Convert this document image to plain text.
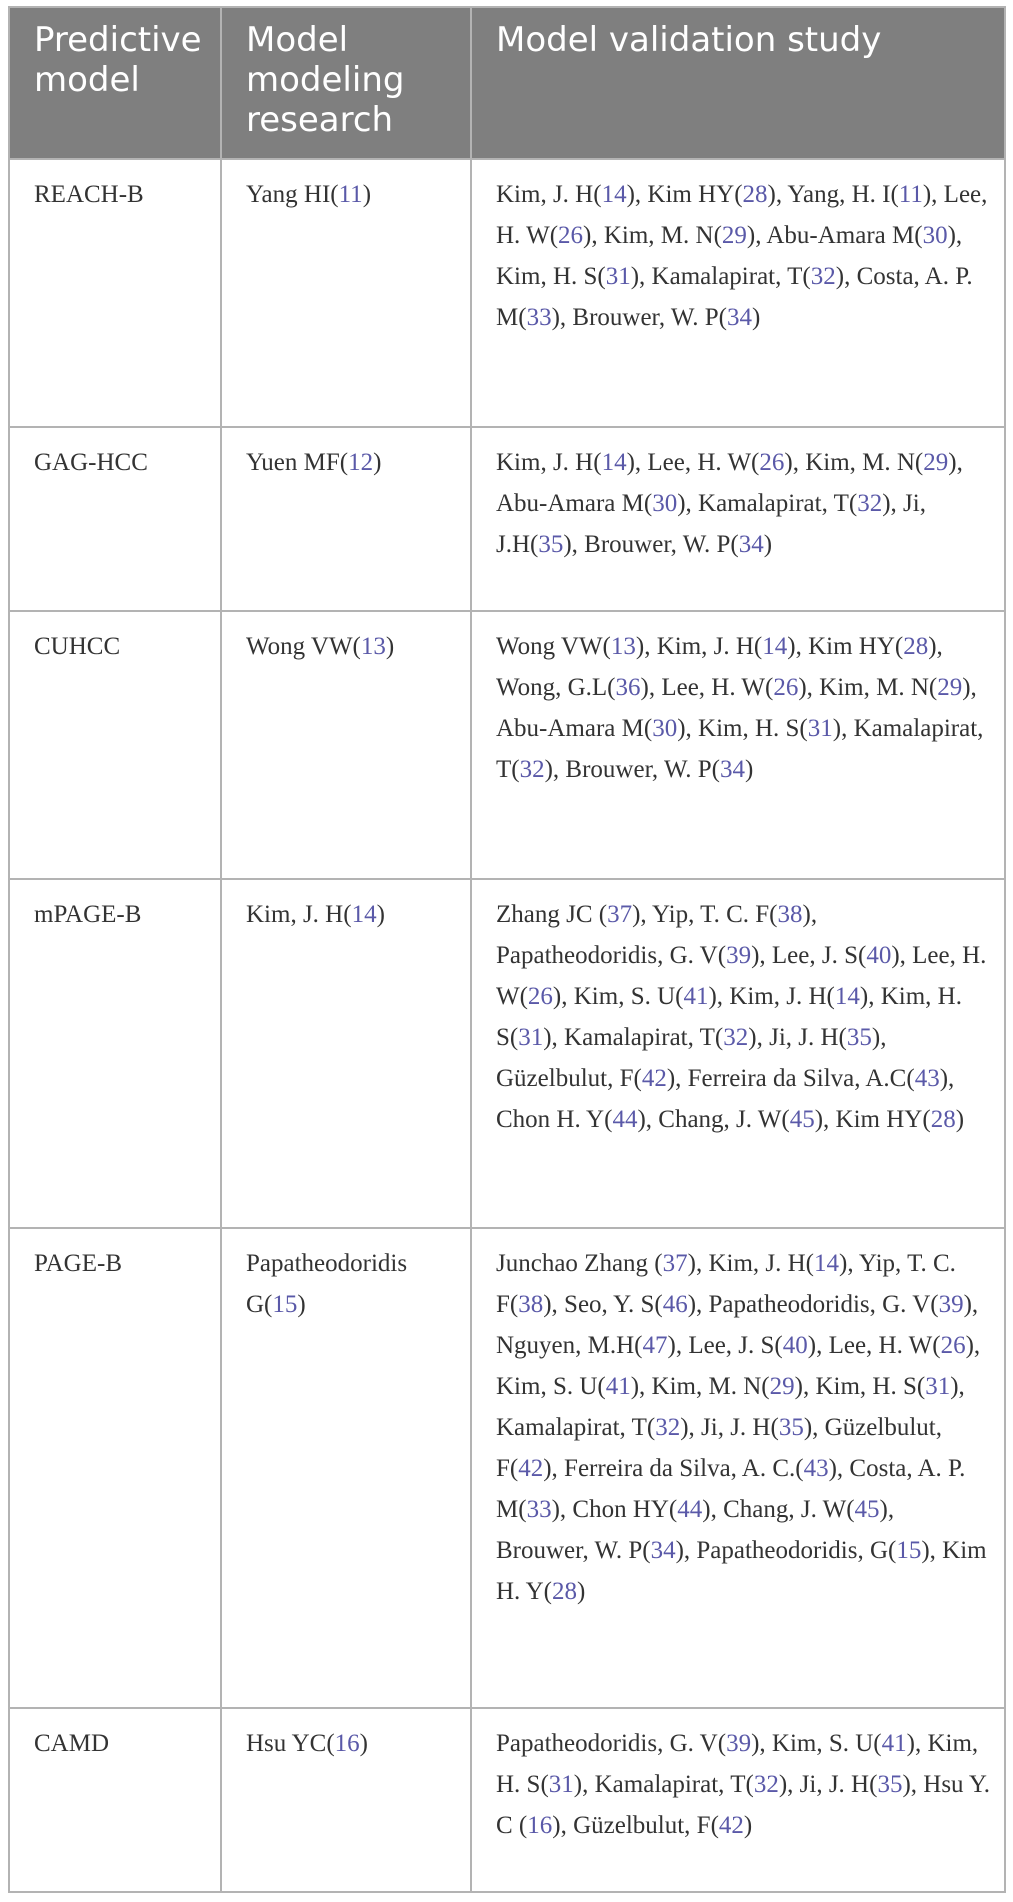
Predictive model	Model modeling research	Model validation study
REACH-B	Yang HI(11)	Kim, J. H(14), Kim HY(28), Yang, H. I(11), Lee, H. W(26), Kim, M. N(29), Abu-Amara M(30), Kim, H. S(31), Kamalapirat, T(32), Costa, A. P. M(33), Brouwer, W. P(34)
GAG-HCC	Yuen MF(12)	Kim, J. H(14), Lee, H. W(26), Kim, M. N(29), Abu-Amara M(30), Kamalapirat, T(32), Ji, J.H(35), Brouwer, W. P(34)
CUHCC	Wong VW(13)	Wong VW(13), Kim, J. H(14), Kim HY(28), Wong, G.L(36), Lee, H. W(26), Kim, M. N(29), Abu-Amara M(30), Kim, H. S(31), Kamalapirat, T(32), Brouwer, W. P(34)
mPAGE-B	Kim, J. H(14)	Zhang JC (37), Yip, T. C. F(38), Papatheodoridis, G. V(39), Lee, J. S(40), Lee, H. W(26), Kim, S. U(41), Kim, J. H(14), Kim, H. S(31), Kamalapirat, T(32), Ji, J. H(35), Güzelbulut, F(42), Ferreira da Silva, A.C(43), Chon H. Y(44), Chang, J. W(45), Kim HY(28)
PAGE-B	Papatheodoridis G(15)	Junchao Zhang (37), Kim, J. H(14), Yip, T. C. F(38), Seo, Y. S(46), Papatheodoridis, G. V(39), Nguyen, M.H(47), Lee, J. S(40), Lee, H. W(26), Kim, S. U(41), Kim, M. N(29), Kim, H. S(31), Kamalapirat, T(32), Ji, J. H(35), Güzelbulut, F(42), Ferreira da Silva, A. C.(43), Costa, A. P. M(33), Chon HY(44), Chang, J. W(45), Brouwer, W. P(34), Papatheodoridis, G(15), Kim H. Y(28)
CAMD	Hsu YC(16)	Papatheodoridis, G. V(39), Kim, S. U(41), Kim, H. S(31), Kamalapirat, T(32), Ji, J. H(35), Hsu Y. C (16), Güzelbulut, F(42)
